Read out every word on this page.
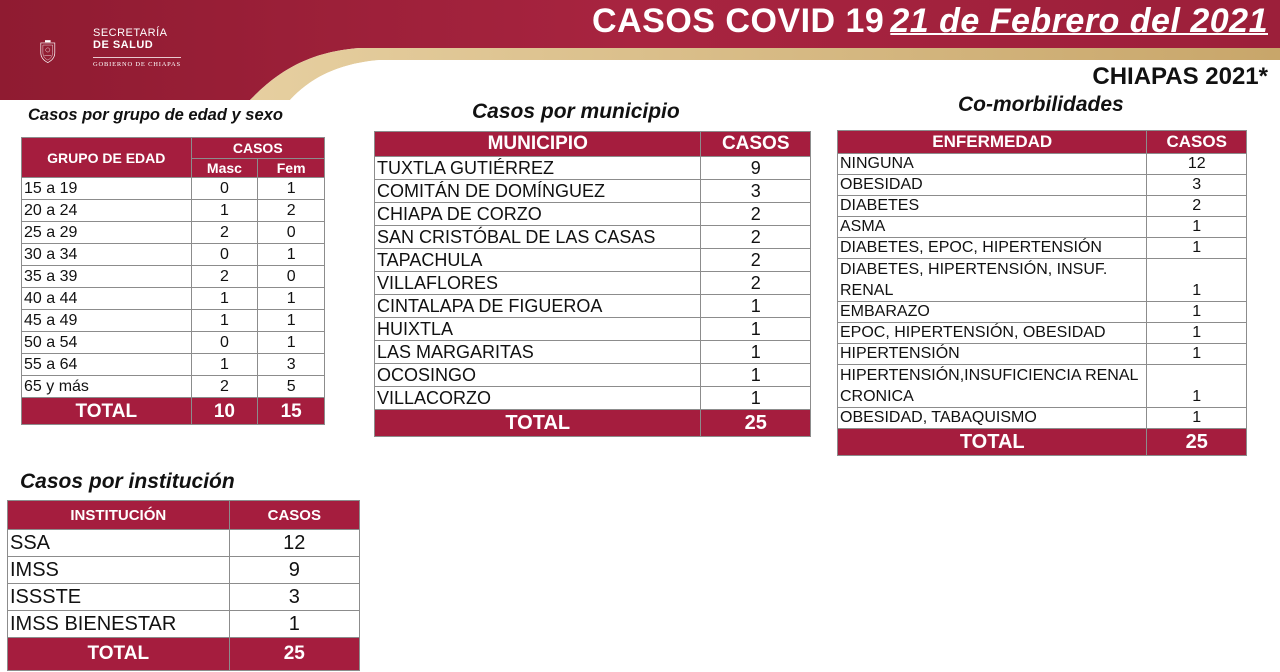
SECRETARÍA
DE SALUD
GOBIERNO DE CHIAPAS
CASOS COVID 19 21 de Febrero del 2021
CHIAPAS 2021*
Casos por grupo de edad y sexo	Casos por municipio	Co-morbilidades
Casos por institución
GRUPO DE EDAD	CASOS	
	Masc	Fem
15 a 19	0	1
20 a 24	1	2
25 a 29	2	0
30 a 34	0	1
35 a 39	2	0
40 a 44	1	1
45 a 49	1	1
50 a 54	0	1
55 a 64	1	3
65 y más	2	5
TOTAL	10	15
MUNICIPIO	CASOS
TUXTLA GUTIÉRREZ	9
COMITÁN DE DOMÍNGUEZ	3
CHIAPA DE CORZO	2
SAN CRISTÓBAL DE LAS CASAS	2
TAPACHULA	2
VILLAFLORES	2
CINTALAPA DE FIGUEROA	1
HUIXTLA	1
LAS MARGARITAS	1
OCOSINGO	1
VILLACORZO	1
TOTAL	25
ENFERMEDAD	CASOS
NINGUNA	12
OBESIDAD	3
DIABETES	2
ASMA	1
DIABETES, EPOC, HIPERTENSIÓN	1
DIABETES, HIPERTENSIÓN, INSUF. RENAL	1
EMBARAZO	1
EPOC, HIPERTENSIÓN, OBESIDAD	1
HIPERTENSIÓN	1
HIPERTENSIÓN,INSUFICIENCIA RENAL CRONICA	1
OBESIDAD, TABAQUISMO	1
TOTAL	25
INSTITUCIÓN	CASOS
SSA	12
IMSS	9
ISSSTE	3
IMSS BIENESTAR	1
TOTAL	25
